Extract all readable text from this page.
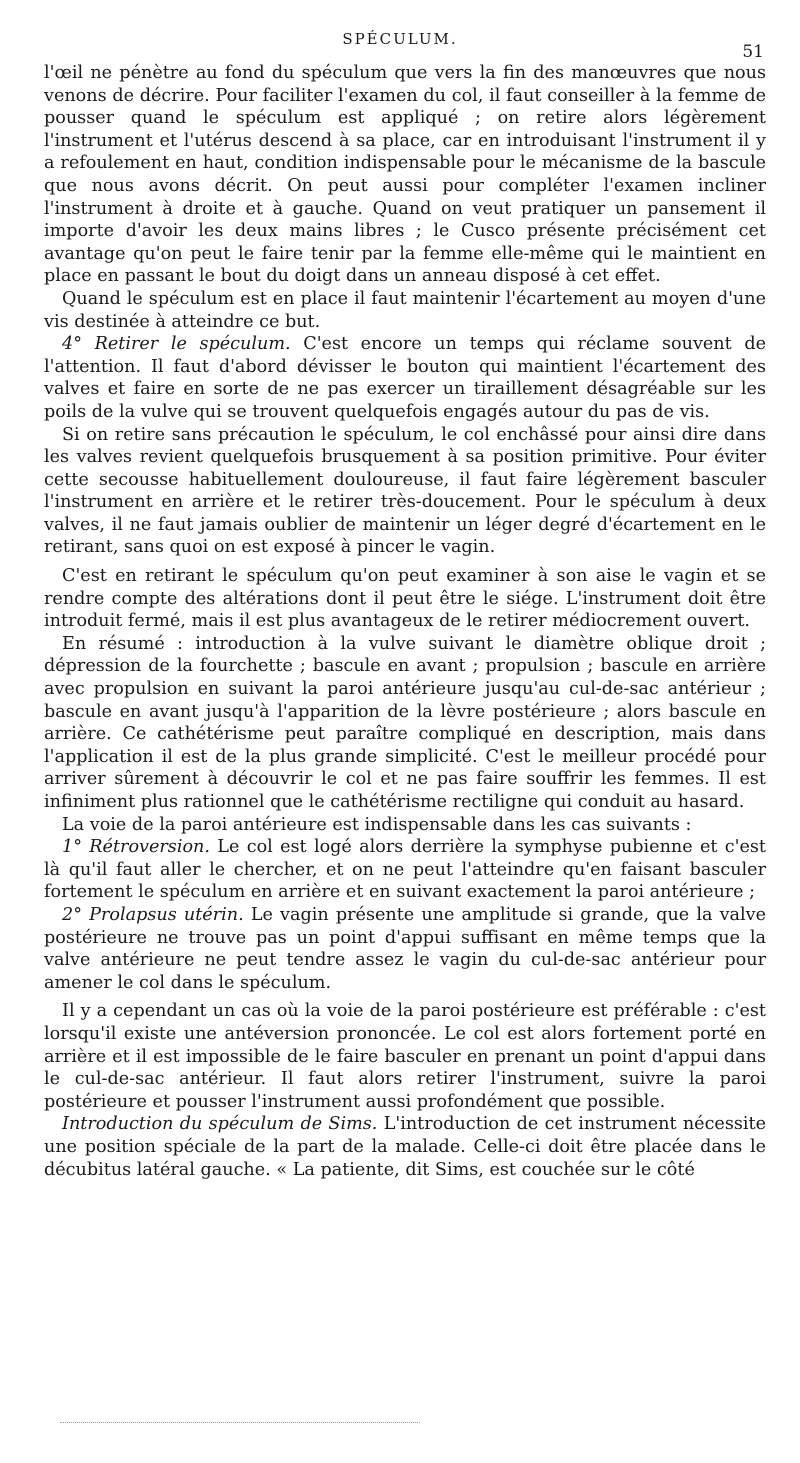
SPÉCULUM.
51

l'œil ne pénètre au fond du spéculum que vers la fin des manœuvres que nous venons de décrire. Pour faciliter l'examen du col, il faut conseiller à la femme de pousser quand le spéculum est appliqué ; on retire alors légèrement l'instrument et l'utérus descend à sa place, car en introduisant l'instrument il y a refoulement en haut, condition indispensable pour le mécanisme de la bascule que nous avons décrit. On peut aussi pour compléter l'examen incliner l'instrument à droite et à gauche. Quand on veut pratiquer un pansement il importe d'avoir les deux mains libres ; le Cusco présente précisément cet avantage qu'on peut le faire tenir par la femme elle-même qui le maintient en place en passant le bout du doigt dans un anneau disposé à cet effet.

Quand le spéculum est en place il faut maintenir l'écartement au moyen d'une vis destinée à atteindre ce but.

4° Retirer le spéculum. C'est encore un temps qui réclame souvent de l'attention. Il faut d'abord dévisser le bouton qui maintient l'écartement des valves et faire en sorte de ne pas exercer un tiraillement désagréable sur les poils de la vulve qui se trouvent quelquefois engagés autour du pas de vis.

Si on retire sans précaution le spéculum, le col enchâssé pour ainsi dire dans les valves revient quelquefois brusquement à sa position primitive. Pour éviter cette secousse habituellement douloureuse, il faut faire légèrement basculer l'instrument en arrière et le retirer très-doucement. Pour le spéculum à deux valves, il ne faut jamais oublier de maintenir un léger degré d'écartement en le retirant, sans quoi on est exposé à pincer le vagin.

C'est en retirant le spéculum qu'on peut examiner à son aise le vagin et se rendre compte des altérations dont il peut être le siége. L'instrument doit être introduit fermé, mais il est plus avantageux de le retirer médiocrement ouvert.

En résumé : introduction à la vulve suivant le diamètre oblique droit ; dépression de la fourchette ; bascule en avant ; propulsion ; bascule en arrière avec propulsion en suivant la paroi antérieure jusqu'au cul-de-sac antérieur ; bascule en avant jusqu'à l'apparition de la lèvre postérieure ; alors bascule en arrière. Ce cathétérisme peut paraître compliqué en description, mais dans l'application il est de la plus grande simplicité. C'est le meilleur procédé pour arriver sûrement à découvrir le col et ne pas faire souffrir les femmes. Il est infiniment plus rationnel que le cathétérisme rectiligne qui conduit au hasard.

La voie de la paroi antérieure est indispensable dans les cas suivants :

1° Rétroversion. Le col est logé alors derrière la symphyse pubienne et c'est là qu'il faut aller le chercher, et on ne peut l'atteindre qu'en faisant basculer fortement le spéculum en arrière et en suivant exactement la paroi antérieure ;

2° Prolapsus utérin. Le vagin présente une amplitude si grande, que la valve postérieure ne trouve pas un point d'appui suffisant en même temps que la valve antérieure ne peut tendre assez le vagin du cul-de-sac antérieur pour amener le col dans le spéculum.

Il y a cependant un cas où la voie de la paroi postérieure est préférable : c'est lorsqu'il existe une antéversion prononcée. Le col est alors fortement porté en arrière et il est impossible de le faire basculer en prenant un point d'appui dans le cul-de-sac antérieur. Il faut alors retirer l'instrument, suivre la paroi postérieure et pousser l'instrument aussi profondément que possible.

Introduction du spéculum de Sims. L'introduction de cet instrument nécessite une position spéciale de la part de la malade. Celle-ci doit être placée dans le décubitus latéral gauche. « La patiente, dit Sims, est couchée sur le côté
